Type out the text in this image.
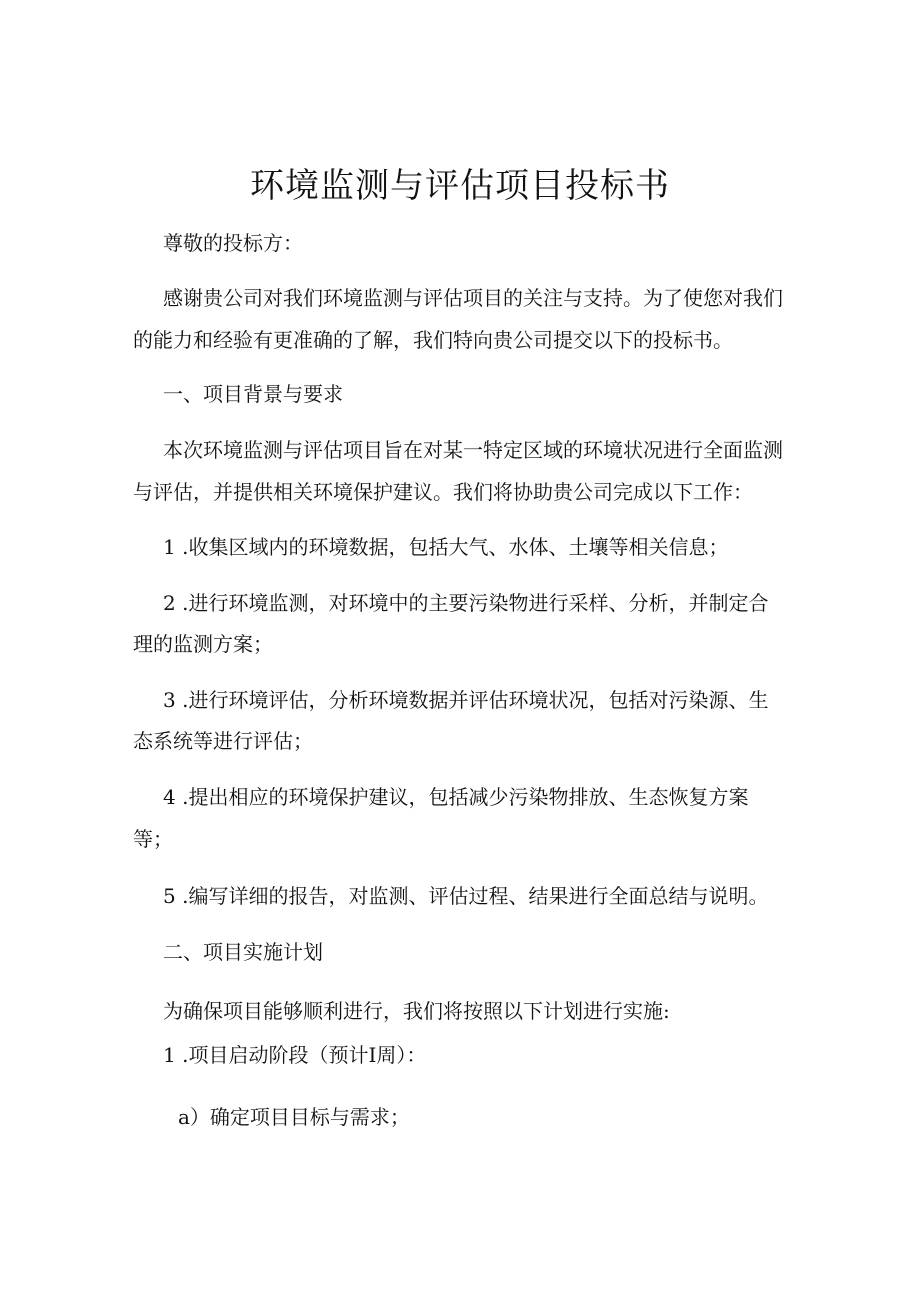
环境监测与评估项目投标书

尊敬的投标方：

感谢贵公司对我们环境监测与评估项目的关注与支持。为了使您对我们

的能力和经验有更准确的了解，我们特向贵公司提交以下的投标书。

一、项目背景与要求

本次环境监测与评估项目旨在对某一特定区域的环境状况进行全面监测

与评估，并提供相关环境保护建议。我们将协助贵公司完成以下工作：

1 .收集区域内的环境数据，包括大气、水体、土壤等相关信息；

2 .进行环境监测，对环境中的主要污染物进行采样、分析，并制定合

理的监测方案；

3 .进行环境评估，分析环境数据并评估环境状况，包括对污染源、生

态系统等进行评估；

4 .提出相应的环境保护建议，包括减少污染物排放、生态恢复方案

等；

5 .编写详细的报告，对监测、评估过程、结果进行全面总结与说明。

二、项目实施计划

为确保项目能够顺利进行，我们将按照以下计划进行实施:

1 .项目启动阶段（预计I周）：

a）确定项目目标与需求；
